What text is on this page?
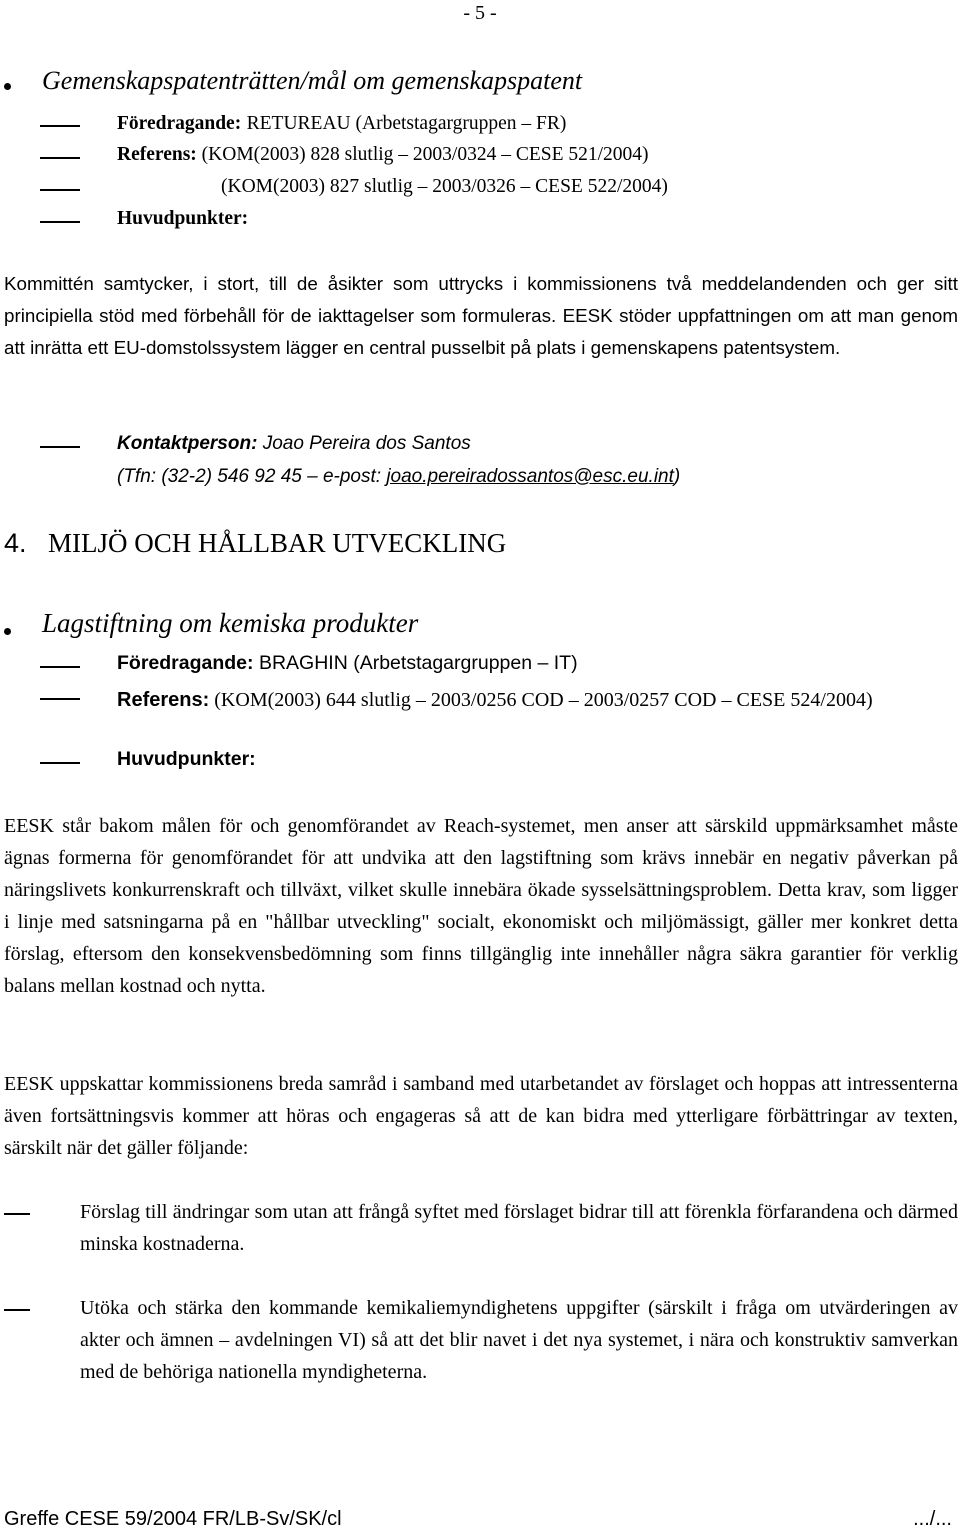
- 5 -
Gemenskapspatenträtten/mål om gemenskapspatent
Föredragande: RETUREAU (Arbetstagargruppen – FR)
Referens: (KOM(2003) 828 slutlig – 2003/0324 – CESE 521/2004)
(KOM(2003) 827 slutlig – 2003/0326 – CESE 522/2004)
Huvudpunkter:
Kommittén samtycker, i stort, till de åsikter som uttrycks i kommissionens två meddelandenden och ger sitt principiella stöd med förbehåll för de iakttagelser som formuleras. EESK stöder uppfattningen om att man genom att inrätta ett EU-domstolssystem lägger en central pusselbit på plats i gemenskapens patentsystem.
Kontaktperson: Joao Pereira dos Santos
(Tfn: (32-2) 546 92 45 – e-post: joao.pereiradossantos@esc.eu.int)
4. MILJÖ OCH HÅLLBAR UTVECKLING
Lagstiftning om kemiska produkter
Föredragande: BRAGHIN (Arbetstagargruppen – IT)
Referens: (KOM(2003) 644 slutlig – 2003/0256 COD – 2003/0257 COD – CESE 524/2004)
Huvudpunkter:
EESK står bakom målen för och genomförandet av Reach-systemet, men anser att särskild uppmärksamhet måste ägnas formerna för genomförandet för att undvika att den lagstiftning som krävs innebär en negativ påverkan på näringslivets konkurrenskraft och tillväxt, vilket skulle innebära ökade sysselsättningsproblem. Detta krav, som ligger i linje med satsningarna på en "hållbar utveckling" socialt, ekonomiskt och miljömässigt, gäller mer konkret detta förslag, eftersom den konsekvensbedömning som finns tillgänglig inte innehåller några säkra garantier för verklig balans mellan kostnad och nytta.
EESK uppskattar kommissionens breda samråd i samband med utarbetandet av förslaget och hoppas att intressenterna även fortsättningsvis kommer att höras och engageras så att de kan bidra med ytterligare förbättringar av texten, särskilt när det gäller följande:
Förslag till ändringar som utan att frångå syftet med förslaget bidrar till att förenkla förfarandena och därmed minska kostnaderna.
Utöka och stärka den kommande kemikaliemyndighetens uppgifter (särskilt i fråga om utvärderingen av akter och ämnen – avdelningen VI) så att det blir navet i det nya systemet, i nära och konstruktiv samverkan med de behöriga nationella myndigheterna.
Greffe CESE 59/2004 FR/LB-Sv/SK/cl	.../...
